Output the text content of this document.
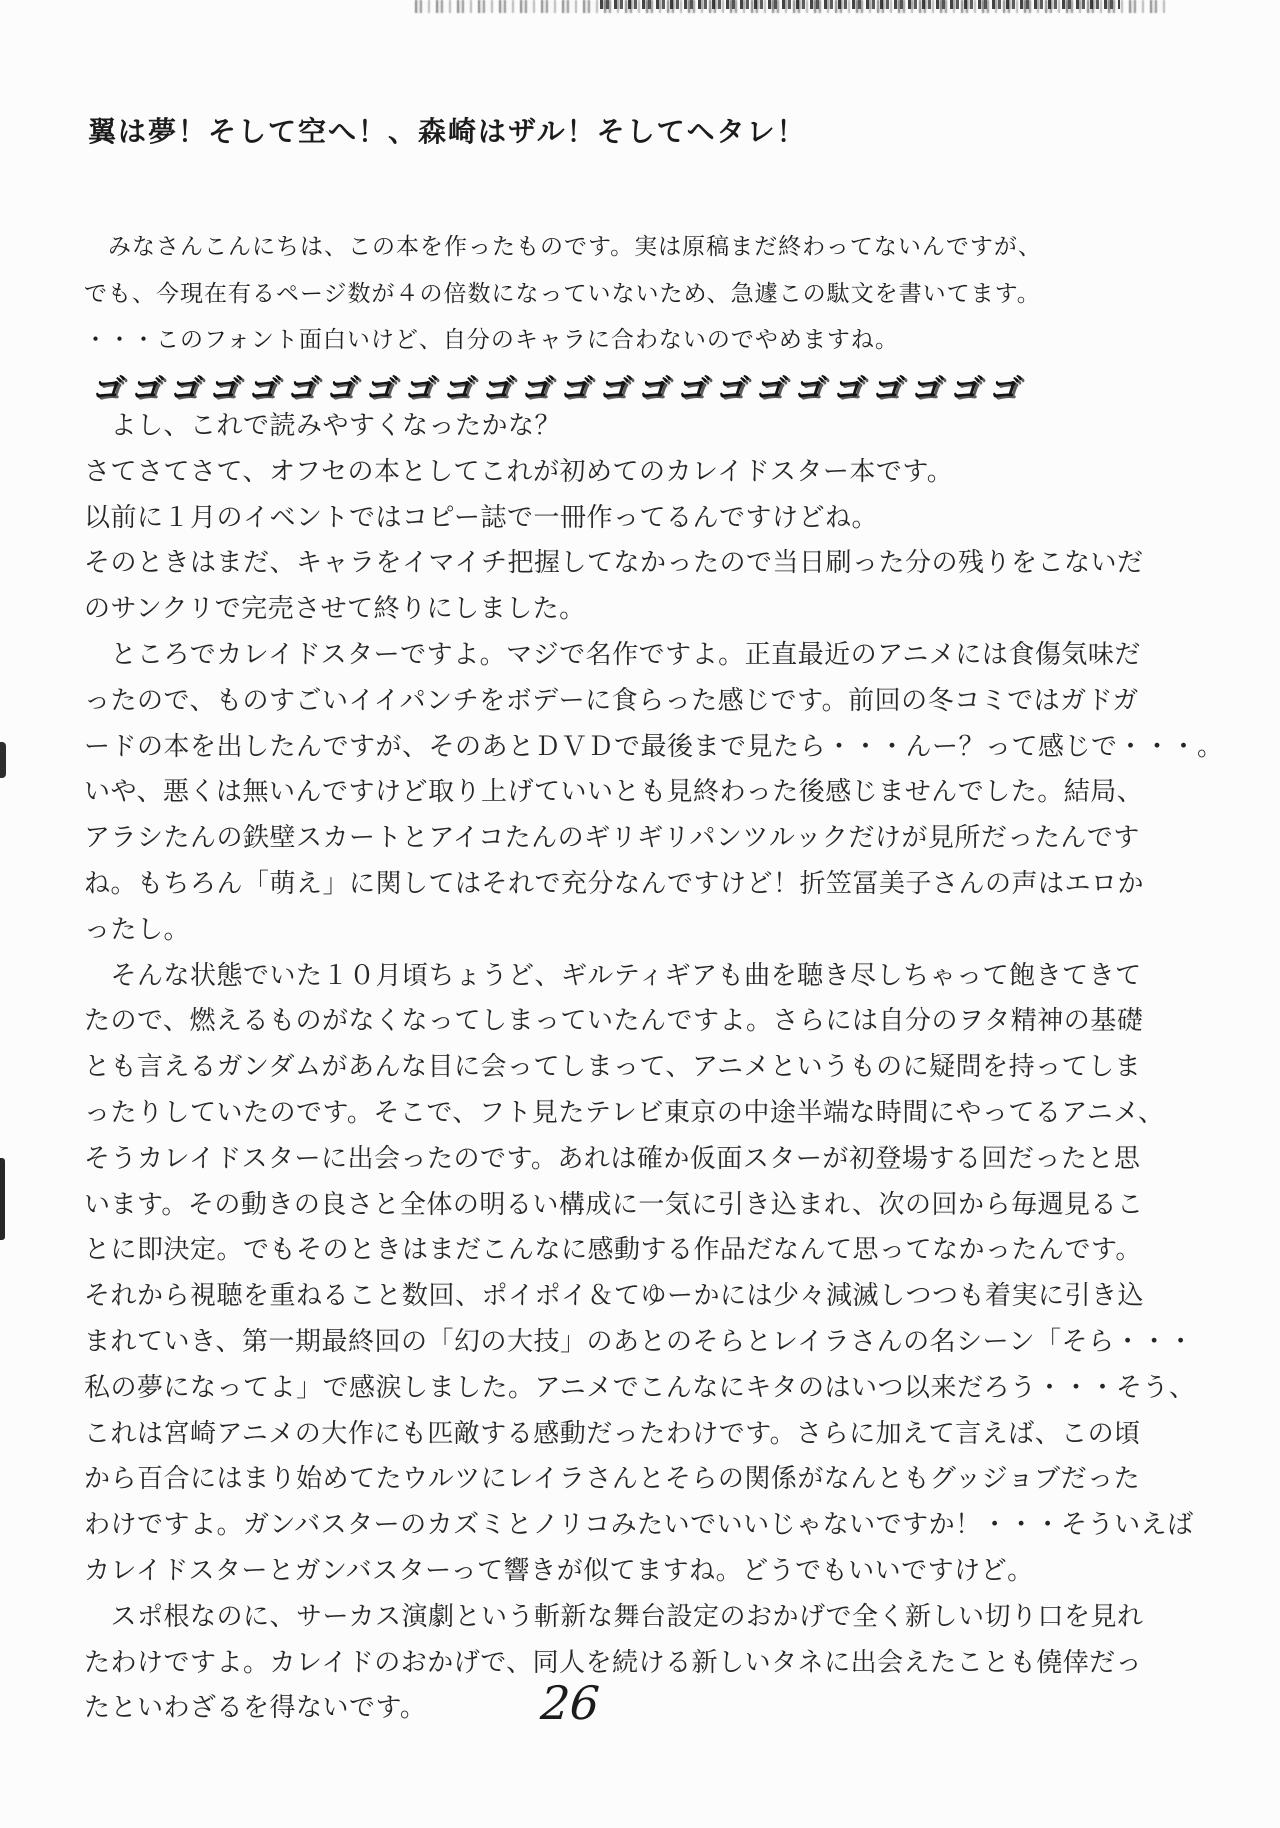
翼は夢！そして空へ！、森崎はザル！そしてヘタレ！
　みなさんこんにちは、この本を作ったものです。実は原稿まだ終わってないんですが、
でも、今現在有るページ数が４の倍数になっていないため、急遽この駄文を書いてます。
・・・このフォント面白いけど、自分のキャラに合わないのでやめますね。
ゴゴゴゴゴゴゴゴゴゴゴゴゴゴゴゴゴゴゴゴゴゴゴゴ
　よし、これで読みやすくなったかな？
さてさてさて、オフセの本としてこれが初めてのカレイドスター本です。
以前に１月のイベントではコピー誌で一冊作ってるんですけどね。
そのときはまだ、キャラをイマイチ把握してなかったので当日刷った分の残りをこないだ
のサンクリで完売させて終りにしました。
　ところでカレイドスターですよ。マジで名作ですよ。正直最近のアニメには食傷気味だ
ったので、ものすごいイイパンチをボデーに食らった感じです。前回の冬コミではガドガ
ードの本を出したんですが、そのあとＤＶＤで最後まで見たら・・・んー？って感じで・・・。
いや、悪くは無いんですけど取り上げていいとも見終わった後感じませんでした。結局、
アラシたんの鉄壁スカートとアイコたんのギリギリパンツルックだけが見所だったんです
ね。もちろん「萌え」に関してはそれで充分なんですけど！折笠冨美子さんの声はエロか
ったし。
　そんな状態でいた１０月頃ちょうど、ギルティギアも曲を聴き尽しちゃって飽きてきて
たので、燃えるものがなくなってしまっていたんですよ。さらには自分のヲタ精神の基礎
とも言えるガンダムがあんな目に会ってしまって、アニメというものに疑問を持ってしま
ったりしていたのです。そこで、フト見たテレビ東京の中途半端な時間にやってるアニメ、
そうカレイドスターに出会ったのです。あれは確か仮面スターが初登場する回だったと思
います。その動きの良さと全体の明るい構成に一気に引き込まれ、次の回から毎週見るこ
とに即決定。でもそのときはまだこんなに感動する作品だなんて思ってなかったんです。
それから視聴を重ねること数回、ポイポイ＆てゆーかには少々減滅しつつも着実に引き込
まれていき、第一期最終回の「幻の大技」のあとのそらとレイラさんの名シーン「そら・・・
私の夢になってよ」で感涙しました。アニメでこんなにキタのはいつ以来だろう・・・そう、
これは宮崎アニメの大作にも匹敵する感動だったわけです。さらに加えて言えば、この頃
から百合にはまり始めてたウルツにレイラさんとそらの関係がなんともグッジョブだった
わけですよ。ガンバスターのカズミとノリコみたいでいいじゃないですか！・・・そういえば
カレイドスターとガンバスターって響きが似てますね。どうでもいいですけど。
　スポ根なのに、サーカス演劇という斬新な舞台設定のおかげで全く新しい切り口を見れ
たわけですよ。カレイドのおかげで、同人を続ける新しいタネに出会えたことも僥倖だっ
たといわざるを得ないです。	26
